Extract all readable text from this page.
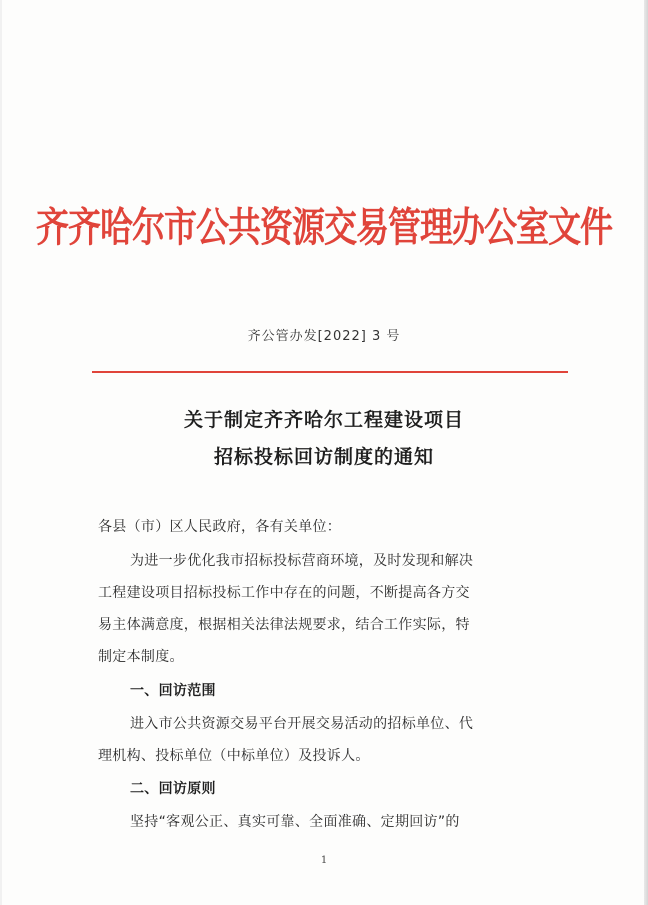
齐齐哈尔市公共资源交易管理办公室文件
齐公管办发[2022] 3 号
关于制定齐齐哈尔工程建设项目
招标投标回访制度的通知
各县（市）区人民政府，各有关单位：
为进一步优化我市招标投标营商环境，及时发现和解决
工程建设项目招标投标工作中存在的问题，不断提高各方交
易主体满意度，根据相关法律法规要求，结合工作实际，特
制定本制度。
一、回访范围
进入市公共资源交易平台开展交易活动的招标单位、代
理机构、投标单位（中标单位）及投诉人。
二、回访原则
坚持“客观公正、真实可靠、全面准确、定期回访”的
1
